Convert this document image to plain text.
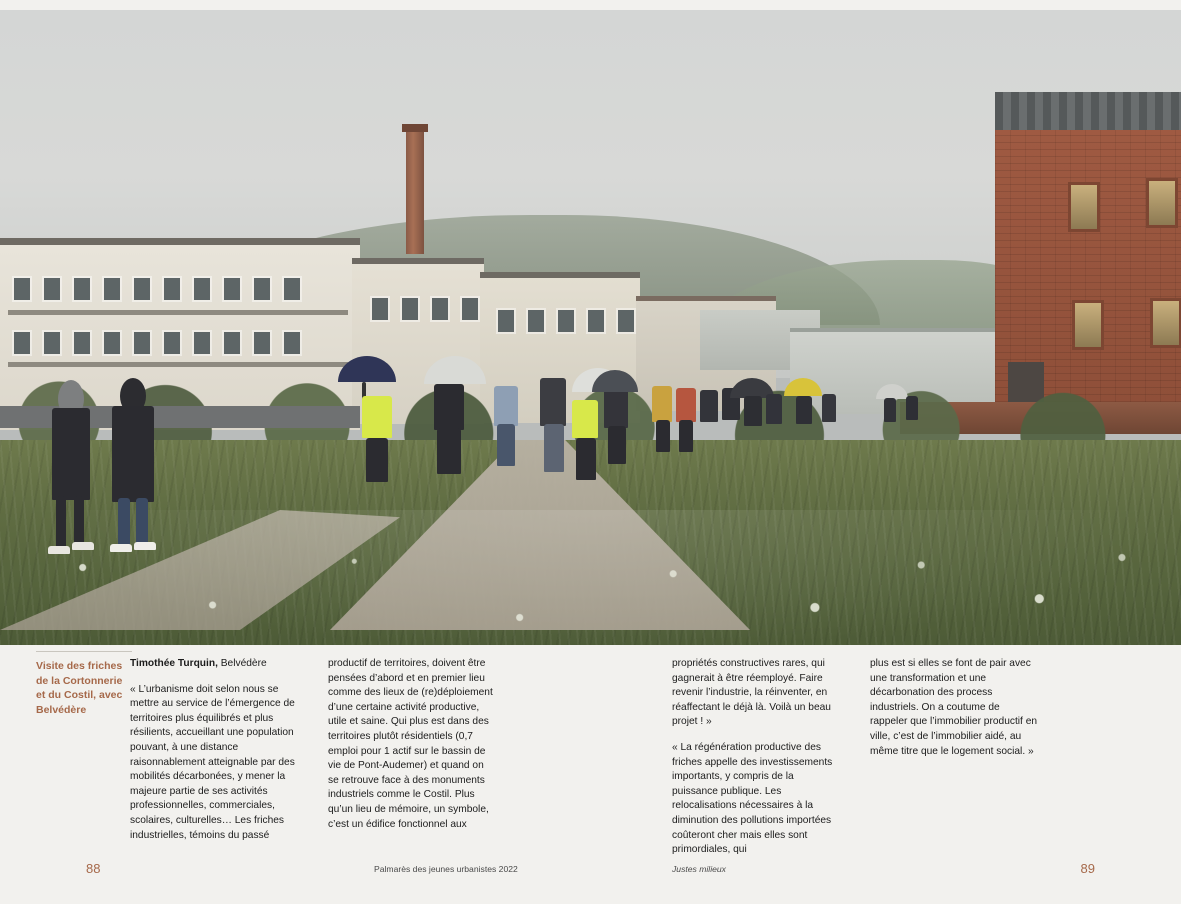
Visite des friches de la Cortonnerie et du Costil, avec Belvédère

Timothée Turquin, Belvédère

« L’urbanisme doit selon nous se mettre au service de l’émergence de territoires plus équilibrés et plus résilients, accueillant une population pouvant, à une distance raisonnablement atteignable par des mobilités décarbonées, y mener la majeure partie de ses activités professionnelles, commerciales, scolaires, culturelles… Les friches industrielles, témoins du passé

productif de territoires, doivent être pensées d’abord et en premier lieu comme des lieux de (re)déploiement d’une certaine activité productive, utile et saine. Qui plus est dans des territoires plutôt résidentiels (0,7 emploi pour 1 actif sur le bassin de vie de Pont-Audemer) et quand on se retrouve face à des monuments industriels comme le Costil. Plus qu’un lieu de mémoire, un symbole, c’est un édifice fonctionnel aux

propriétés constructives rares, qui gagnerait à être réemployé. Faire revenir l’industrie, la réinventer, en réaffectant le déjà là. Voilà un beau projet ! »

« La régénération productive des friches appelle des investissements importants, y compris de la puissance publique. Les relocalisations nécessaires à la diminution des pollutions importées coûteront cher mais elles sont primordiales, qui

plus est si elles se font de pair avec une transformation et une décarbonation des process industriels. On a coutume de rappeler que l’immobilier productif en ville, c’est de l’immobilier aidé, au même titre que le logement social. »

88	89
Palmarès des jeunes urbanistes 2022	Justes milieux
